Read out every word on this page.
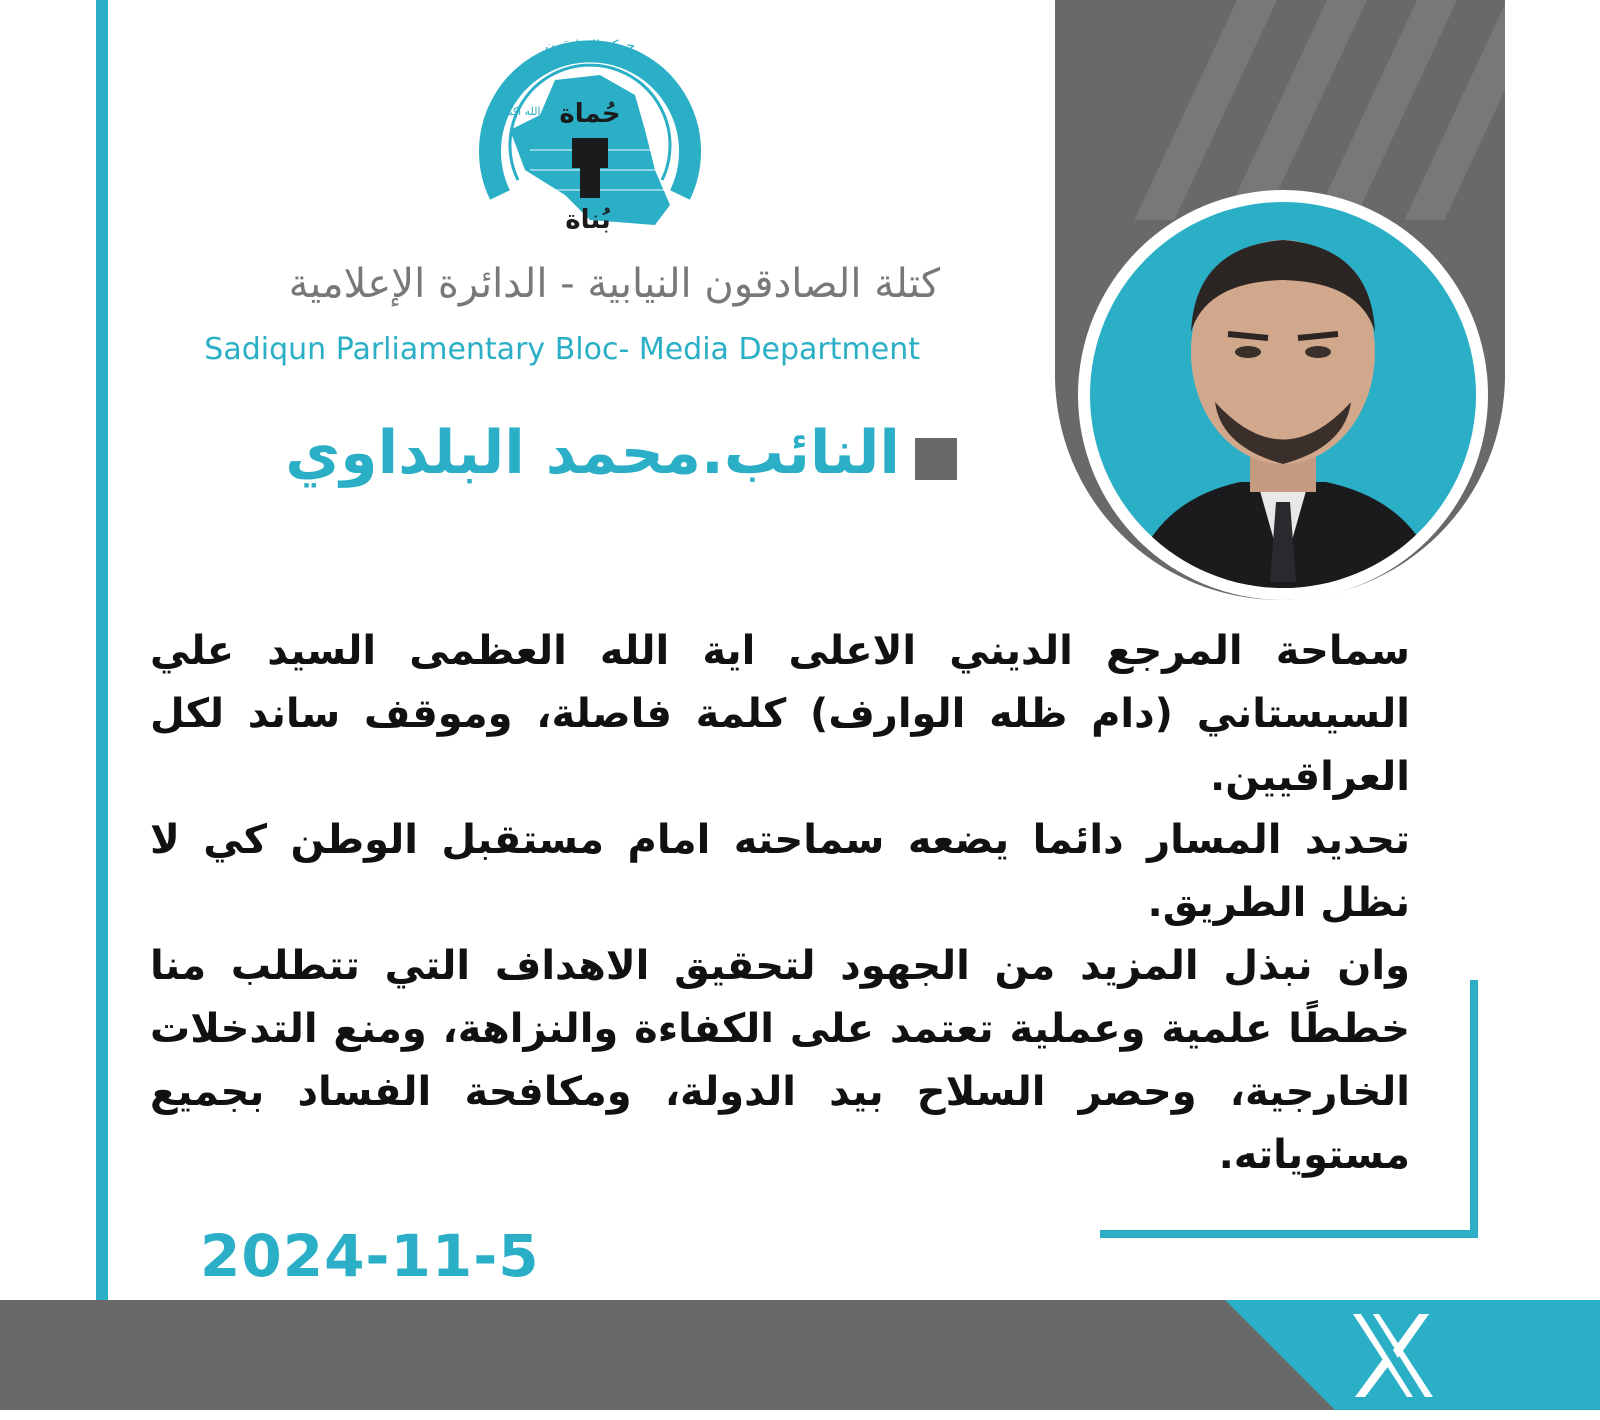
حُماة
بُناة
حركة الصادقون
الله اكبر
كتلة الصادقون النيابية - الدائرة الإعلامية
Sadiqun Parliamentary Bloc- Media Department
النائب.محمد البلداوي

سماحة المرجع الديني الاعلى اية الله العظمى السيد علي السيستاني (دام ظله الوارف) كلمة فاصلة، وموقف ساند لكل العراقيين.

تحديد المسار دائما يضعه سماحته امام مستقبل الوطن كي لا نظل الطريق.

وان نبذل المزيد من الجهود لتحقيق الاهداف التي تتطلب منا خططًا علمية وعملية تعتمد على الكفاءة والنزاهة، ومنع التدخلات الخارجية، وحصر السلاح بيد الدولة، ومكافحة الفساد بجميع مستوياته.

2024-11-5
